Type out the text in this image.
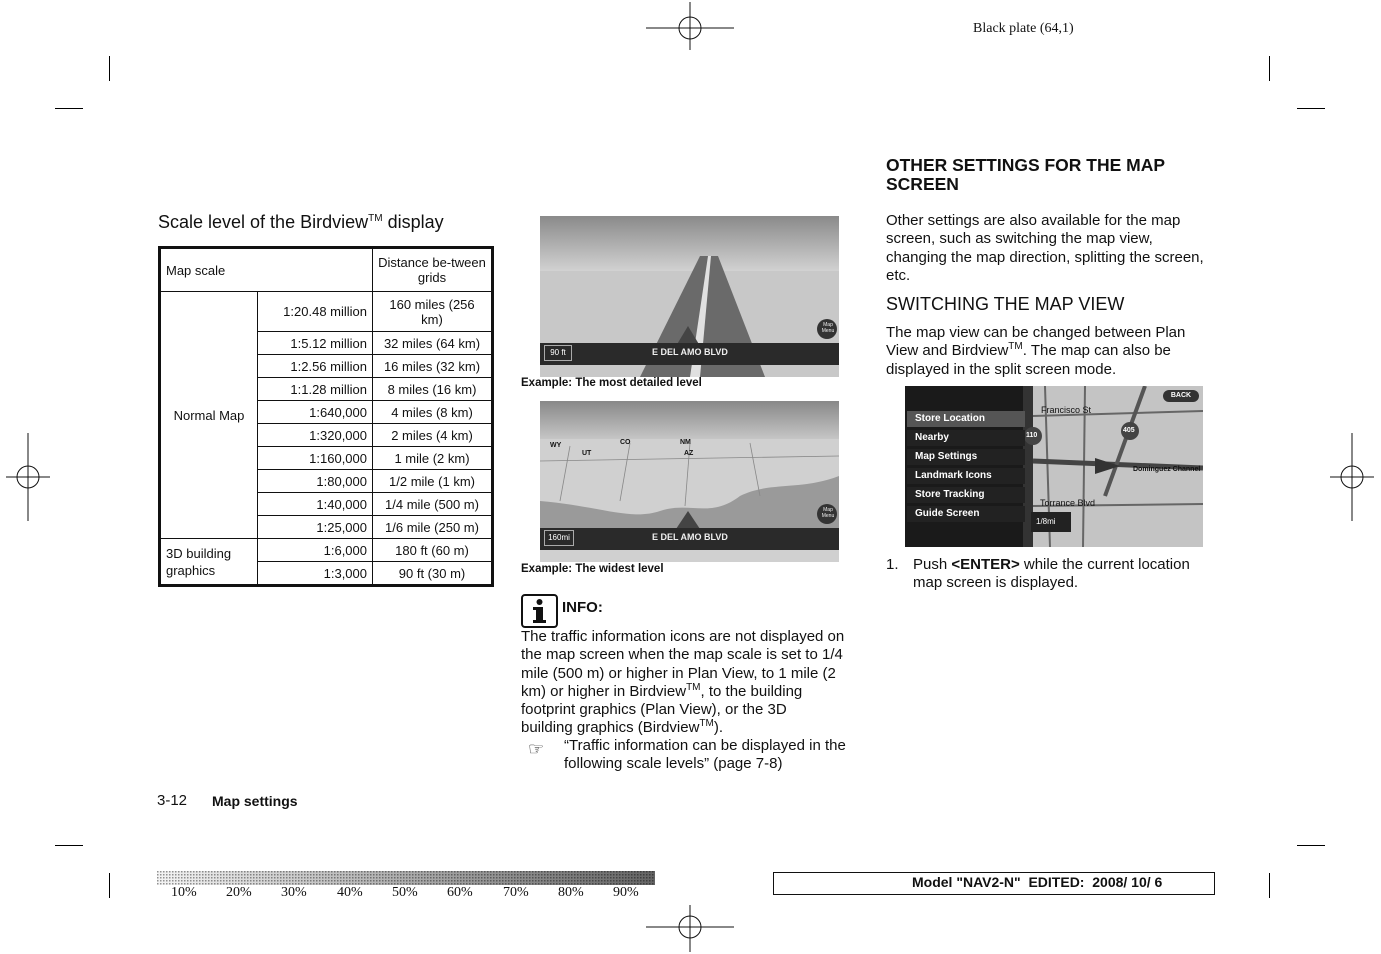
Black plate (64,1)
Scale level of the Birdview™ display
Map scale		Distance be-tween grids
Normal Map	1:20.48 million	160 miles (256 km)
	1:5.12 million	32 miles (64 km)
	1:2.56 million	16 miles (32 km)
	1:1.28 million	8 miles (16 km)
	1:640,000	4 miles (8 km)
	1:320,000	2 miles (4 km)
	1:160,000	1 mile (2 km)
	1:80,000	1/2 mile (1 km)
	1:40,000	1/4 mile (500 m)
	1:25,000	1/6 mile (250 m)
3D building graphics	1:6,000	180 ft (60 m)
	1:3,000	90 ft (30 m)
90 ft	E DEL AMO BLVD
Map Menu
Example: The most detailed level
WY	CO	NM
UT	AZ
160mi	E DEL AMO BLVD
Map Menu
Example: The widest level
INFO:
The traffic information icons are not displayed on
the map screen when the map scale is set to 1/4
mile (500 m) or higher in Plan View, to 1 mile (2
km) or higher in Birdview™, to the building
footprint graphics (Plan View), or the 3D
building graphics (Birdview™).
☞ “Traffic information can be displayed in the
following scale levels” (page 7-8)
OTHER SETTINGS FOR THE MAP SCREEN
Other settings are also available for the map
screen, such as switching the map view,
changing the map direction, splitting the screen,
etc.
SWITCHING THE MAP VIEW
The map view can be changed between Plan
View and Birdview™. The map can also be
displayed in the split screen mode.
BACK
Store Location
Nearby
Map Settings
Landmark Icons
Store Tracking
Guide Screen
Francisco St
Dominguez Channel
Torrance Blvd
110
405
1/8mi
1. Push <ENTER> while the current location
map screen is displayed.
3-12 Map settings
10% 20% 30% 40% 50% 60% 70% 80% 90%
Model "NAV2-N"  EDITED:  2008/ 10/ 6
